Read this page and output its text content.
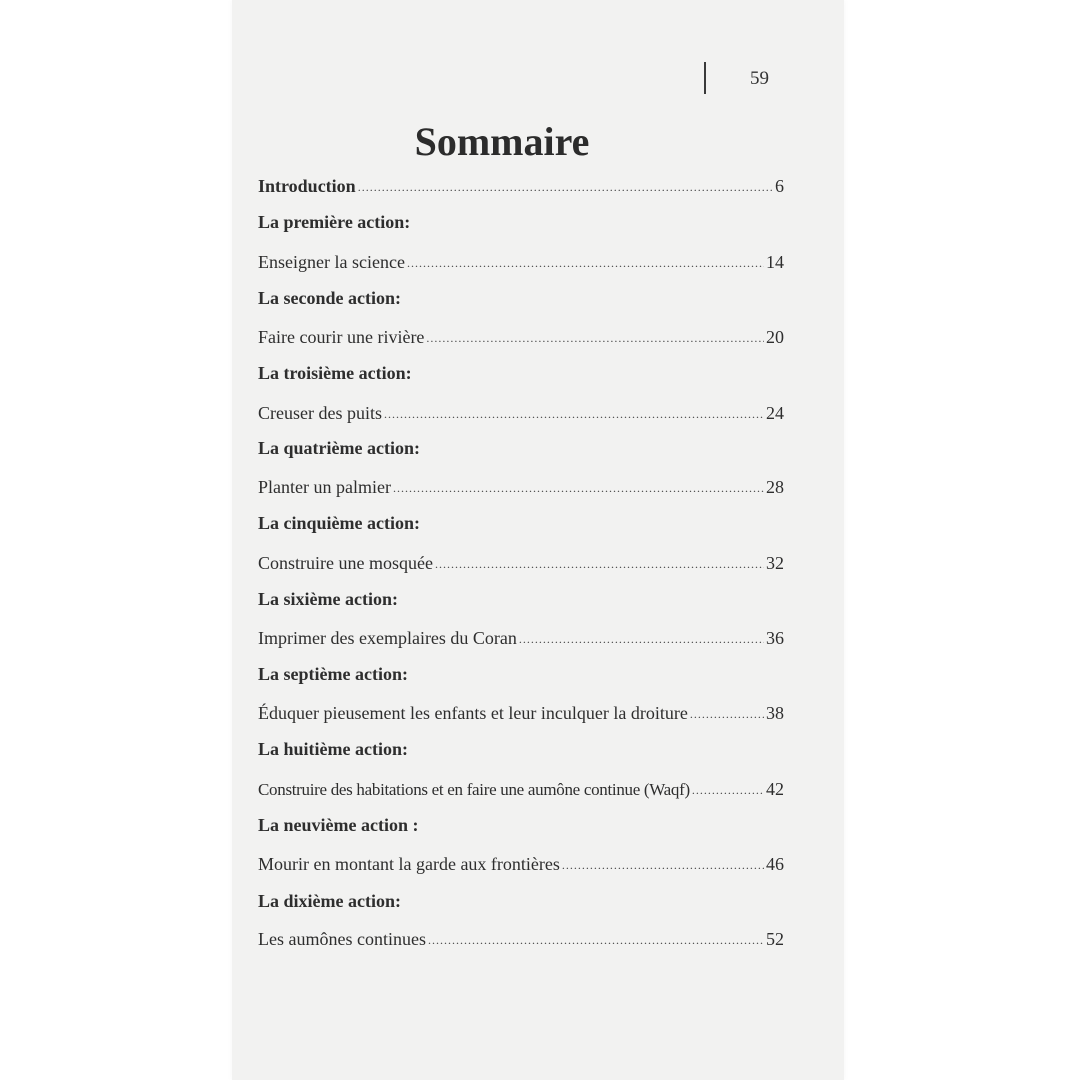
59
Sommaire
Introduction .....	6
La première action:
Enseigner la science .....	14
La seconde action:
Faire courir une rivière .....	20
La troisième action:
Creuser des puits .....	24
La quatrième action:
Planter un palmier .....	28
La cinquième action:
Construire une mosquée .....	32
La sixième action:
Imprimer des exemplaires du Coran .....	36
La septième action:
Éduquer pieusement les enfants et leur inculquer la droiture .....	38
La huitième action:
Construire des habitations et en faire une aumône continue (Waqf) .....	42
La neuvième action :
Mourir en montant la garde aux frontières .....	46
La dixième action:
Les aumônes continues .....	52
